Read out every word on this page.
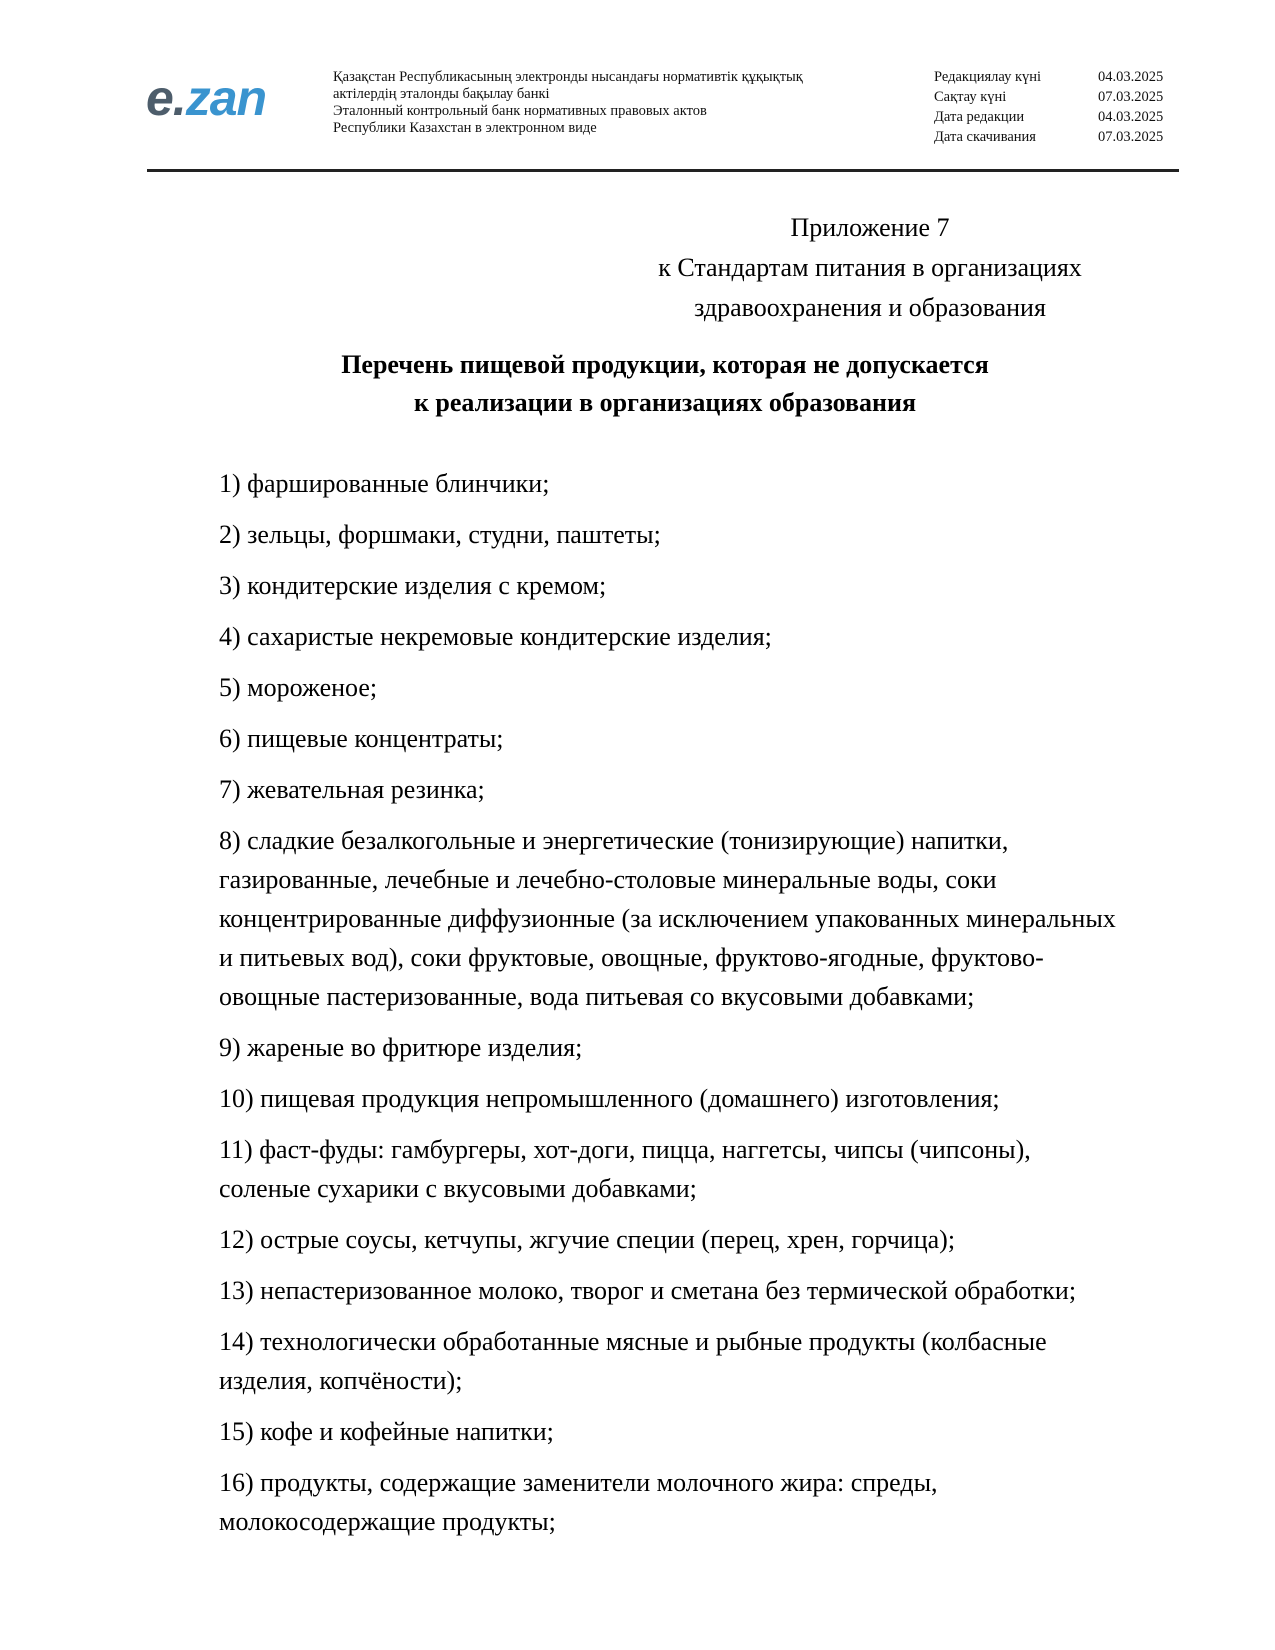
e.zan	Қазақстан Республикасының электронды нысандағы нормативтік құқықтық
актілердің эталонды бақылау банкі
Эталонный контрольный банк нормативных правовых актов
Республики Казахстан в электронном виде
Редакциялау күні	04.03.2025
Сақтау күні	07.03.2025
Дата редакции	04.03.2025
Дата скачивания	07.03.2025
Приложение 7
к Стандартам питания в организациях
здравоохранения и образования
Перечень пищевой продукции, которая не допускается
к реализации в организациях образования
1) фаршированные блинчики;
2) зельцы, форшмаки, студни, паштеты;
3) кондитерские изделия с кремом;
4) сахаристые некремовые кондитерские изделия;
5) мороженое;
6) пищевые концентраты;
7) жевательная резинка;
8) сладкие безалкогольные и энергетические (тонизирующие) напитки,
газированные, лечебные и лечебно-столовые минеральные воды, соки
концентрированные диффузионные (за исключением упакованных минеральных
и питьевых вод), соки фруктовые, овощные, фруктово-ягодные, фруктово-
овощные пастеризованные, вода питьевая со вкусовыми добавками;
9) жареные во фритюре изделия;
10) пищевая продукция непромышленного (домашнего) изготовления;
11) фаст-фуды: гамбургеры, хот-доги, пицца, наггетсы, чипсы (чипсоны),
соленые сухарики с вкусовыми добавками;
12) острые соусы, кетчупы, жгучие специи (перец, хрен, горчица);
13) непастеризованное молоко, творог и сметана без термической обработки;
14) технологически обработанные мясные и рыбные продукты (колбасные
изделия, копчёности);
15) кофе и кофейные напитки;
16) продукты, содержащие заменители молочного жира: спреды,
молокосодержащие продукты;
